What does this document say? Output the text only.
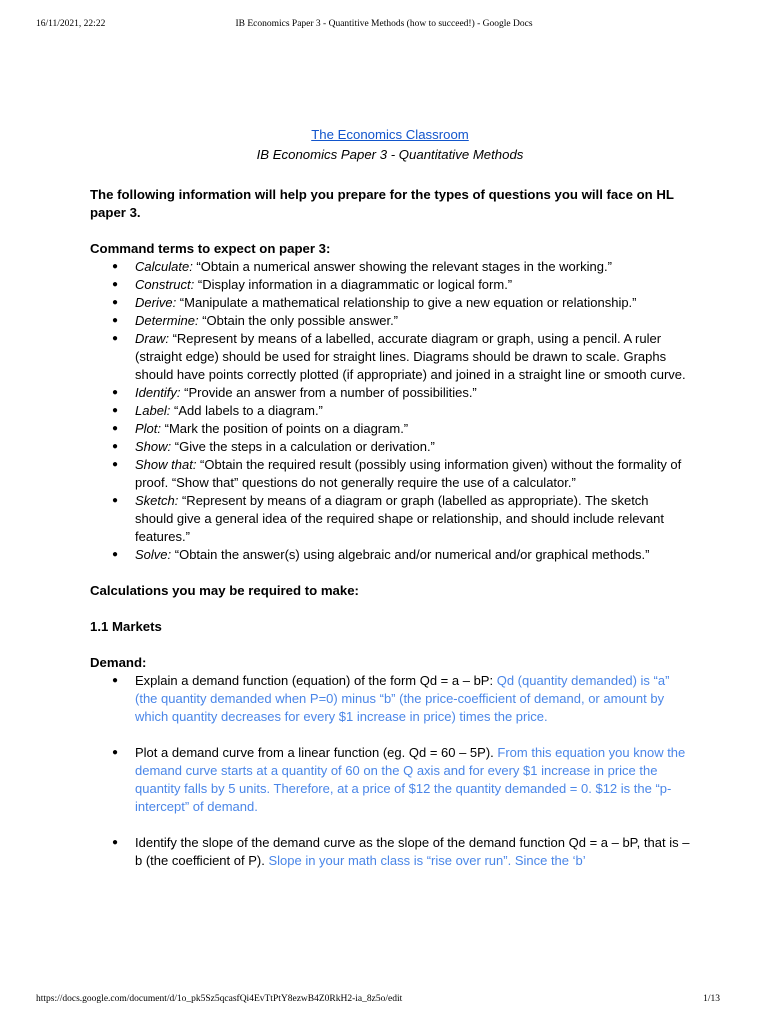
16/11/2021, 22:22	IB Economics Paper 3 - Quantitive Methods (how to succeed!) - Google Docs

The Economics Classroom

IB Economics Paper 3 - Quantitative Methods

The following information will help you prepare for the types of questions you will face on HL paper 3.

Command terms to expect on paper 3:

● Calculate: “Obtain a numerical answer showing the relevant stages in the working.”
● Construct: “Display information in a diagrammatic or logical form.”
● Derive: “Manipulate a mathematical relationship to give a new equation or relationship.”
● Determine: “Obtain the only possible answer.”
● Draw: “Represent by means of a labelled, accurate diagram or graph, using a pencil. A ruler (straight edge) should be used for straight lines. Diagrams should be drawn to scale. Graphs should have points correctly plotted (if appropriate) and joined in a straight line or smooth curve.
● Identify: “Provide an answer from a number of possibilities.”
● Label: “Add labels to a diagram.”
● Plot: “Mark the position of points on a diagram.”
● Show: “Give the steps in a calculation or derivation.”
● Show that: “Obtain the required result (possibly using information given) without the formality of proof. “Show that” questions do not generally require the use of a calculator.”
● Sketch: “Represent by means of a diagram or graph (labelled as appropriate). The sketch should give a general idea of the required shape or relationship, and should include relevant features.”
● Solve: “Obtain the answer(s) using algebraic and/or numerical and/or graphical methods.”

Calculations you may be required to make:

1.1 Markets

Demand:

● Explain a demand function (equation) of the form Qd = a – bP: Qd (quantity demanded) is “a” (the quantity demanded when P=0) minus “b” (the price-coefficient of demand, or amount by which quantity decreases for every $1 increase in price) times the price.
● Plot a demand curve from a linear function (eg. Qd = 60 – 5P). From this equation you know the demand curve starts at a quantity of 60 on the Q axis and for every $1 increase in price the quantity falls by 5 units. Therefore, at a price of $12 the quantity demanded = 0. $12 is the “p-intercept” of demand.
● Identify the slope of the demand curve as the slope of the demand function Qd = a – bP, that is –b (the coefficient of P). Slope in your math class is “rise over run”. Since the ‘b’
https://docs.google.com/document/d/1o_pk5Sz5qcasfQi4EvTtPtY8ezwB4Z0RkH2-ia_8z5o/edit	1/13
